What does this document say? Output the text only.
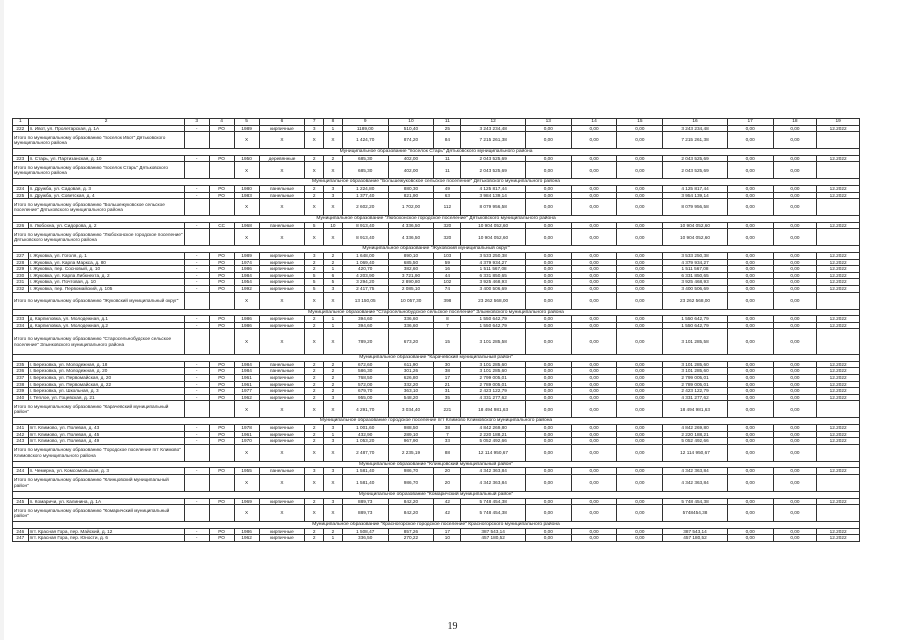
1	2	3	4	5	6	7	8	9	10	11	12	13	14	15	16	17	18	19
222	п. Ивот, ул. Пролетарская, д. 1А	-	РО	1989	кирпичные	3	1	1189,00	510,40	25	3 243 234,48	0,00	0,00	0,00	3 243 234,48	0,00	0,00	12.2022
Итого по муниципальному образованию "поселок Ивот" Дятьковского муниципального района				Х	Х	Х	Х	1 424,70	874,20	84	7 215 261,38	0,00	0,00	0,00	7 215 261,38	0,00	0,00	
Муниципальное образование "поселок Старь" Дятьковского муниципального района																		
223	п. Старь, ул. Партизанская, д. 10	-	РО	1950	деревянные	2	2	685,30	402,00	11	2 043 525,69	0,00	0,00	0,00	2 043 525,69	0,00	0,00	12.2022
Итого по муниципальному образованию "поселок Старь" Дятьковского муниципального района				Х	Х	Х	Х	685,30	402,00	11	2 043 525,69	0,00	0,00	0,00	2 043 525,69	0,00	0,00	
Муниципальное образование "Большежуковское сельское поселение" Дятьковского муниципального района																		
224	п. Дружба, ул. Садовая, д. 3	-	РО	1980	панельные	2	3	1 224,80	880,30	49	4 125 817,44	0,00	0,00	0,00	4 125 817,44	0,00	0,00	12.2022
225	п. Дружба, ул. Советская, д. 4	-	РО	1983	панельные	2	3	1 377,40	821,90	63	3 984 139,14	0,00	0,00	0,00	3 954 139,14	0,00	0,00	12.2022
Итого по муниципальному образованию "Большежуковское сельское поселение" Дятьковского муниципального района				Х	Х	Х	Х	2 602,20	1 702,00	112	8 079 956,58	0,00	0,00	0,00	8 079 956,58	0,00	0,00	
Муниципальное образование "Любохонское городское поселение" Дятьковского муниципального района																		
226	п. Любохна, ул. Сидорова, д. 2	-	СС	1968	панельные	5	10	8 913,40	4 336,50	320	10 904 052,60	0,00	0,00	0,00	10 904 052,60	0,00	0,00	12.2022
Итого по муниципальному образованию "Любохонское городское поселение" Дятьковского муниципального района				Х	Х	Х	Х	8 913,40	4 336,50	320	10 904 052,60	0,00	0,00	0,00	10 904 052,60	0,00	0,00	
Муниципальное образование "Жуковский муниципальный округ"																		
227	г. Жуковка, ул. Гоголя, д. 1	-	РО	1989	кирпичные	3	2	1 648,00	890,10	103	3 533 250,38	0,00	0,00	0,00	3 533 250,38	0,00	0,00	12.2022
228	г. Жуковка, ул. Карла Маркса, д. 80	-	РО	1974	кирпичные	2	2	1 069,40	685,50	59	4 379 934,27	0,00	0,00	0,00	4 379 934,27	0,00	0,00	12.2022
229	г. Жуковка, пер. Сосновый, д. 10	-	РО	1986	кирпичные	2	1	420,70	382,60	16	1 511 567,08	0,00	0,00	0,00	1 511 567,08	0,00	0,00	12.2022
230	г. Жуковка, ул. Карла Либкнехта, д. 2	-	РО	1984	кирпичные	5	6	4 203,90	3 721,90	44	6 331 850,65	0,00	0,00	0,00	6 331 850,65	0,00	0,00	12.2022
231	г. Жуковка, ул. Почтовая, д. 10	-	РО	1954	кирпичные	5	5	3 294,20	2 890,80	102	3 925 468,93	0,00	0,00	0,00	3 925 468,93	0,00	0,00	12.2022
232	г. Жуковка, пер. Первомайский, д. 105	-	РО	1992	кирпичные	5	3	2 417,75	2 085,10	74	3 400 506,69	0,00	0,00	0,00	3 400 506,69	0,00	0,00	12.2022
Итого по муниципальному образованию "Жуковский муниципальный округ"				Х	Х	Х	Х	13 150,05	10 057,30	398	23 262 568,00	0,00	0,00	0,00	23 262 568,00	0,00	0,00	
Муниципальное образование "Старосельнобудское сельское поселение" Злынковского муниципального района																		
233	д. Карпиловка, ул. Молодежная, д.1	-	РО	1986	кирпичные	2	1	394,60	336,60	8	1 550 642,79	0,00	0,00	0,00	1 550 642,79	0,00	0,00	12.2022
234	д. Карпиловка, ул. Молодежная, д.2	-	РО	1986	кирпичные	2	1	394,60	336,60	7	1 550 642,79	0,00	0,00	0,00	1 550 642,79	0,00	0,00	12.2022
Итого по муниципальному образованию "Старосельнобудское сельское поселение" Злынковского муниципального района				Х	Х	Х	Х	789,20	673,20	15	3 101 285,58	0,00	0,00	0,00	3 101 285,58	0,00	0,00	
Муниципальное образование "Карачевский муниципальный район"																		
235	г. Березовка, ул. Молодежная, д. 18	-	РО	1984	панельные	2	2	672,60	611,90	30	3 101 285,60	0,00	0,00	0,00	3 101 285,60	0,00	0,00	12.2022
236	г. Березовка, ул. Молодежная, д. 20	-	РО	1984	панельные	2	2	586,30	301,26	38	3 101 285,60	0,00	0,00	0,00	3 101 285,60	0,00	0,00	12.2022
237	г. Березовка, ул. Первомайская, д. 20	-	РО	1961	кирпичные	2	2	768,50	626,80	17	2 799 005,01	0,00	0,00	0,00	2 799 005,01	0,00	0,00	12.2022
238	г. Березовка, ул. Первомайская, д. 22	-	РО	1961	кирпичные	2	2	572,00	332,20	21	2 789 005,01	0,00	0,00	0,00	2 789 005,01	0,00	0,00	12.2022
239	г. Березовка, ул. Школьная, д. 3	-	РО	1977	кирпичные	2	2	679,70	363,10	31	2 423 122,79	0,00	0,00	0,00	2 423 122,79	0,00	0,00	12.2022
240	г. Теплое, ул. Гоцевская, д. 21	-	РО	1962	кирпичные	2	3	955,00	548,20	35	4 331 277,62	0,00	0,00	0,00	4 331 277,62	0,00	0,00	12.2022
Итого по муниципальному образованию "Карачевский муниципальный район"				Х	Х	Х	Х	4 291,70	3 034,40	221	18 494 981,63	0,00	0,00	0,00	18 494 981,63	0,00	0,00	
Муниципальное образование городское поселение пгт Климово Климовского муниципального района																		
241	пгт. Климово, ул. Полевая, д. 43	-	РО	1978	кирпичные	2	3	1 001,60	988,50	38	4 842 269,80	0,00	0,00	0,00	4 842 269,80	0,00	0,00	12.2022
242	пгт. Климово, ул. Полевая, д. 45	-	РО	1961	кирпичные	2	1	432,90	289,10	7	2 220 188,21	0,00	0,00	0,00	2 220 188,21	0,00	0,00	12.2022
243	пгт. Климово, ул. Полевая, д. 49	-	РО	1970	кирпичные	2	3	1 053,20	967,90	33	5 052 492,66	0,00	0,00	0,00	5 052 492,66	0,00	0,00	12.2022
Итого по муниципальному образованию "Городское поселение пгт Климово" Климовского муниципального района				Х	Х	Х	Х	2 487,70	2 235,19	88	12 114 950,67	0,00	0,00	0,00	12 114 950,67	0,00	0,00	
Муниципальное образование "Клинцовский муниципальный район"																		
244	п. Чемерна, ул. Комсомольская, д. 3	-	РО	1955	панельные	3	3	1 581,40	986,70	20	4 342 363,84	0,00	0,00	0,00	4 342 363,84	0,00	0,00	12.2022
Итого по муниципальному образованию "Клинцовский муниципальный район"				Х	Х	Х	Х	1 581,40	986,70	20	4 342 363,84	0,00	0,00	0,00	4 342 363,84	0,00	0,00	
Муниципальное образование "Комаричский муниципальный район"																		
245	п. Комаричи, ул. Калинина, д. 1А	-	РО	1969	кирпичные	2	3	889,73	842,20	42	5 748 454,38	0,00	0,00	0,00	5 748 454,38	0,00	0,00	12.2022
Итого по муниципальному образованию "Комаричский муниципальный район"				Х	Х	Х	Х	889,73	842,20	42	5 748 454,38	0,00	0,00	0,00	5748454,38	0,00	0,00	
Муниципальное образование "Красногорское городское поселение" Красногорского муниципального района																		
246	пгт. Красная Гора, пер. Майский, д. 12	-	РО	1986	кирпичные	2	2	1 508,47	857,26	17	387 543,14	0,00	0,00	0,00	387 543,14	0,00	0,00	12.2022
247	пгт. Красная Гора, пер. Юности, д. 6	-	РО	1962	кирпичные	2	1	336,50	270,22	10	457 180,52	0,00	0,00	0,00	457 180,52	0,00	0,00	12.2022
19
